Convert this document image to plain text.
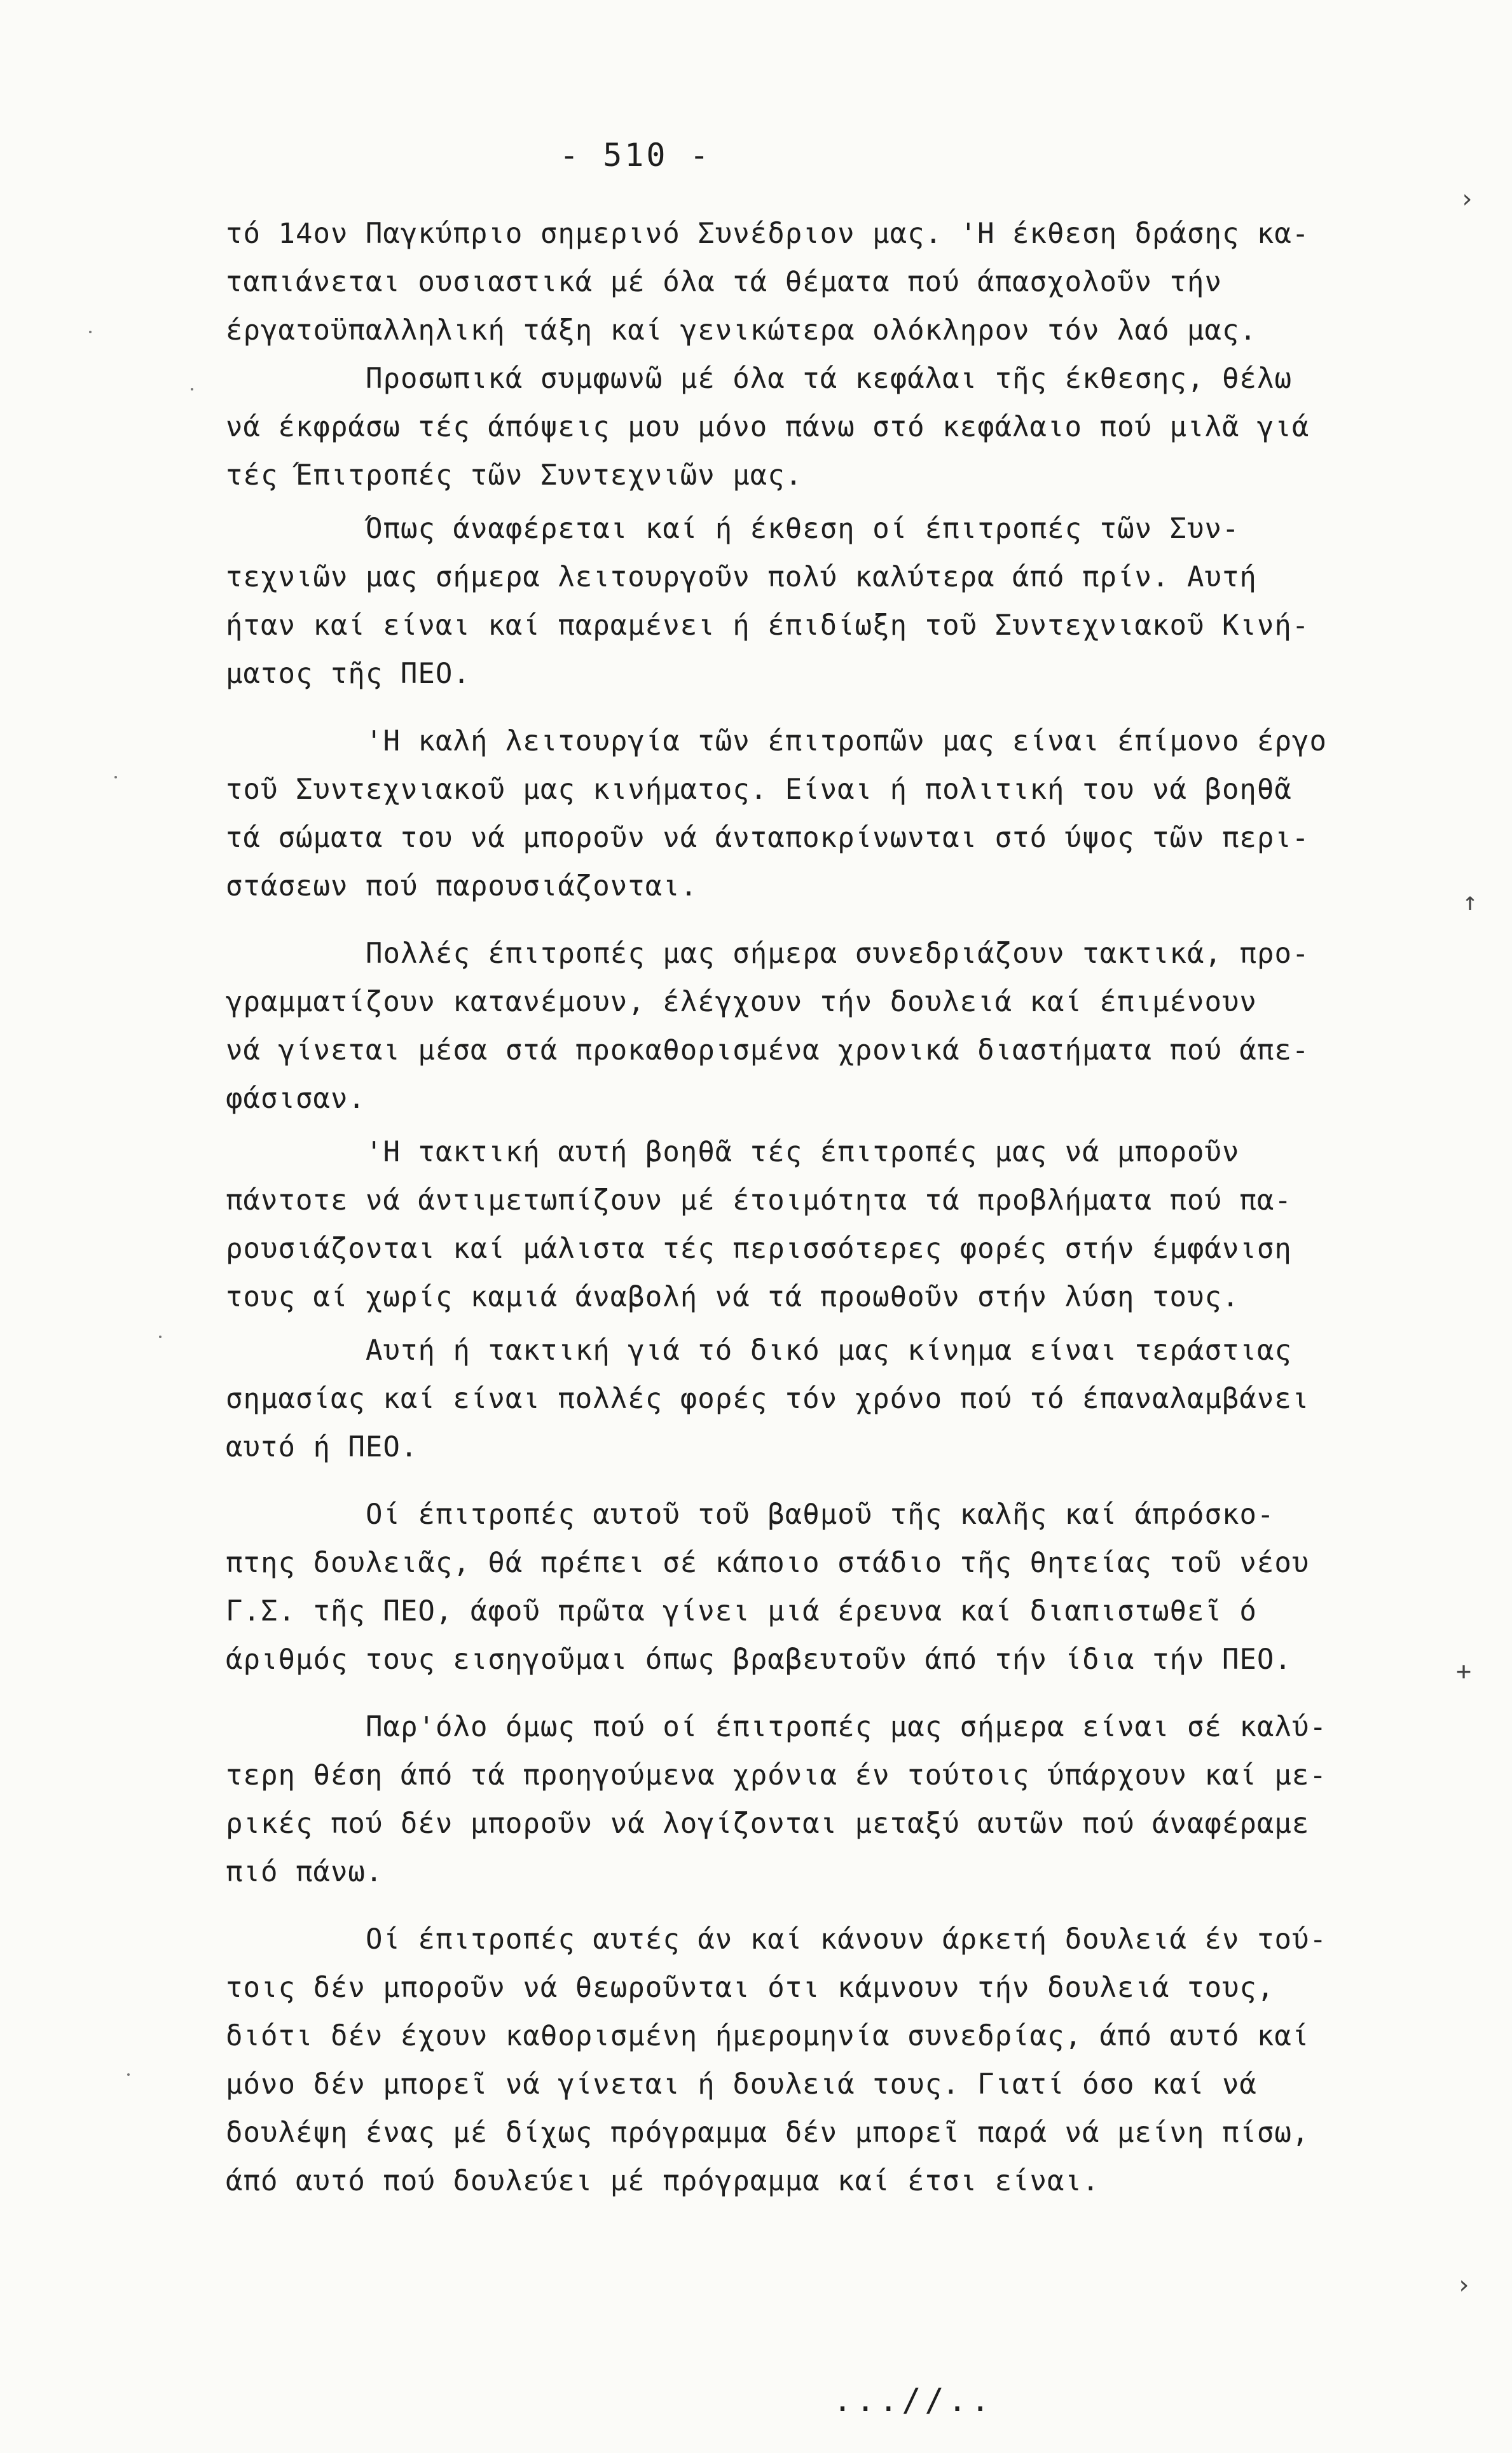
- 510 -
τό 14ον Παγκύπριο σημερινό Συνέδριον μας. 'Η έκθεση δράσης κα-
ταπιάνεται ουσιαστικά μέ όλα τά θέματα πού άπασχολοῦν τήν
έργατοϋπαλληλική τάξη καί γενικώτερα ολόκληρον τόν λαό μας.
Προσωπικά συμφωνῶ μέ όλα τά κεφάλαι τῆς έκθεσης, θέλω
νά έκφράσω τές άπόψεις μου μόνο πάνω στό κεφάλαιο πού μιλᾶ γιά
τές Έπιτροπές τῶν Συντεχνιῶν μας.
Όπως άναφέρεται καί ή έκθεση οί έπιτροπές τῶν Συν-
τεχνιῶν μας σήμερα λειτουργοῦν πολύ καλύτερα άπό πρίν. Αυτή
ήταν καί είναι καί παραμένει ή έπιδίωξη τοῦ Συντεχνιακοῦ Κινή-
ματος τῆς ΠΕΟ.
'Η καλή λειτουργία τῶν έπιτροπῶν μας είναι έπίμονο έργο
τοῦ Συντεχνιακοῦ μας κινήματος. Είναι ή πολιτική του νά βοηθᾶ
τά σώματα του νά μποροῦν νά άνταποκρίνωνται στό ύψος τῶν περι-
στάσεων πού παρουσιάζονται.
Πολλές έπιτροπές μας σήμερα συνεδριάζουν τακτικά, προ-
γραμματίζουν κατανέμουν, έλέγχουν τήν δουλειά καί έπιμένουν
νά γίνεται μέσα στά προκαθορισμένα χρονικά διαστήματα πού άπε-
φάσισαν.
'Η τακτική αυτή βοηθᾶ τές έπιτροπές μας νά μποροῦν
πάντοτε νά άντιμετωπίζουν μέ έτοιμότητα τά προβλήματα πού πα-
ρουσιάζονται καί μάλιστα τές περισσότερες φορές στήν έμφάνιση
τους αί χωρίς καμιά άναβολή νά τά προωθοῦν στήν λύση τους.
Αυτή ή τακτική γιά τό δικό μας κίνημα είναι τεράστιας
σημασίας καί είναι πολλές φορές τόν χρόνο πού τό έπαναλαμβάνει
αυτό ή ΠΕΟ.
Οί έπιτροπές αυτοῦ τοῦ βαθμοῦ τῆς καλῆς καί άπρόσκο-
πτης δουλειᾶς, θά πρέπει σέ κάποιο στάδιο τῆς θητείας τοῦ νέου
Γ.Σ. τῆς ΠΕΟ, άφοῦ πρῶτα γίνει μιά έρευνα καί διαπιστωθεῖ ό
άριθμός τους εισηγοῦμαι όπως βραβευτοῦν άπό τήν ίδια τήν ΠΕΟ.
Παρ'όλο όμως πού οί έπιτροπές μας σήμερα είναι σέ καλύ-
τερη θέση άπό τά προηγούμενα χρόνια έν τούτοις ύπάρχουν καί με-
ρικές πού δέν μποροῦν νά λογίζονται μεταξύ αυτῶν πού άναφέραμε
πιό πάνω.
Οί έπιτροπές αυτές άν καί κάνουν άρκετή δουλειά έν τού-
τοις δέν μποροῦν νά θεωροῦνται ότι κάμνουν τήν δουλειά τους,
διότι δέν έχουν καθορισμένη ήμερομηνία συνεδρίας, άπό αυτό καί
μόνο δέν μπορεῖ νά γίνεται ή δουλειά τους. Γιατί όσο καί νά
δουλέψη ένας μέ δίχως πρόγραμμα δέν μπορεῖ παρά νά μείνη πίσω,
άπό αυτό πού δουλεύει μέ πρόγραμμα καί έτσι είναι.
...//..
›
↑
+
›
